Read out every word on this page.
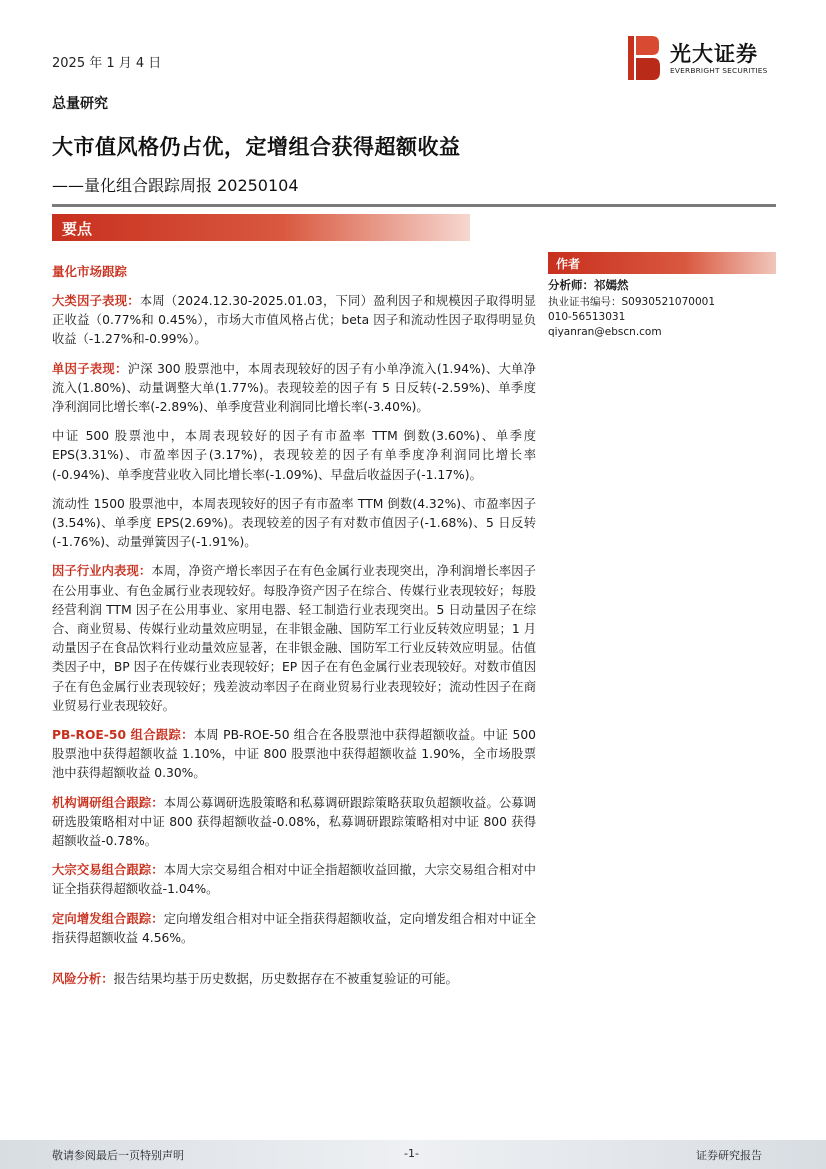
2025 年 1 月 4 日
总量研究
大市值风格仍占优，定增组合获得超额收益
——量化组合跟踪周报 20250104
光大证券
EVERBRIGHT SECURITIES
要点
量化市场跟踪

大类因子表现：本周（2024.12.30-2025.01.03，下同）盈利因子和规模因子取得明显正收益（0.77%和 0.45%），市场大市值风格占优；beta 因子和流动性因子取得明显负收益（-1.27%和-0.99%）。

单因子表现：沪深 300 股票池中，本周表现较好的因子有小单净流入(1.94%)、大单净流入(1.80%)、动量调整大单(1.77%)。表现较差的因子有 5 日反转(-2.59%)、单季度净利润同比增长率(-2.89%)、单季度营业利润同比增长率(-3.40%)。

中证 500 股票池中，本周表现较好的因子有市盈率 TTM 倒数(3.60%)、单季度 EPS(3.31%)、市盈率因子(3.17%)，表现较差的因子有单季度净利润同比增长率(-0.94%)、单季度营业收入同比增长率(-1.09%)、早盘后收益因子(-1.17%)。

流动性 1500 股票池中，本周表现较好的因子有市盈率 TTM 倒数(4.32%)、市盈率因子(3.54%)、单季度 EPS(2.69%)。表现较差的因子有对数市值因子(-1.68%)、5 日反转(-1.76%)、动量弹簧因子(-1.91%)。

因子行业内表现：本周，净资产增长率因子在有色金属行业表现突出，净利润增长率因子在公用事业、有色金属行业表现较好。每股净资产因子在综合、传媒行业表现较好；每股经营利润 TTM 因子在公用事业、家用电器、轻工制造行业表现突出。5 日动量因子在综合、商业贸易、传媒行业动量效应明显，在非银金融、国防军工行业反转效应明显；1 月动量因子在食品饮料行业动量效应显著，在非银金融、国防军工行业反转效应明显。估值类因子中，BP 因子在传媒行业表现较好；EP 因子在有色金属行业表现较好。对数市值因子在有色金属行业表现较好；残差波动率因子在商业贸易行业表现较好；流动性因子在商业贸易行业表现较好。

PB-ROE-50 组合跟踪：本周 PB-ROE-50 组合在各股票池中获得超额收益。中证 500 股票池中获得超额收益 1.10%，中证 800 股票池中获得超额收益 1.90%，全市场股票池中获得超额收益 0.30%。

机构调研组合跟踪：本周公募调研选股策略和私募调研跟踪策略获取负超额收益。公募调研选股策略相对中证 800 获得超额收益-0.08%，私募调研跟踪策略相对中证 800 获得超额收益-0.78%。

大宗交易组合跟踪：本周大宗交易组合相对中证全指超额收益回撤，大宗交易组合相对中证全指获得超额收益-1.04%。

定向增发组合跟踪：定向增发组合相对中证全指获得超额收益，定向增发组合相对中证全指获得超额收益 4.56%。

风险分析：报告结果均基于历史数据，历史数据存在不被重复验证的可能。

作者
分析师：祁嫣然
执业证书编号：S0930521070001
010-56513031
qiyanran@ebscn.com
敬请参阅最后一页特别声明	-1-	证券研究报告
